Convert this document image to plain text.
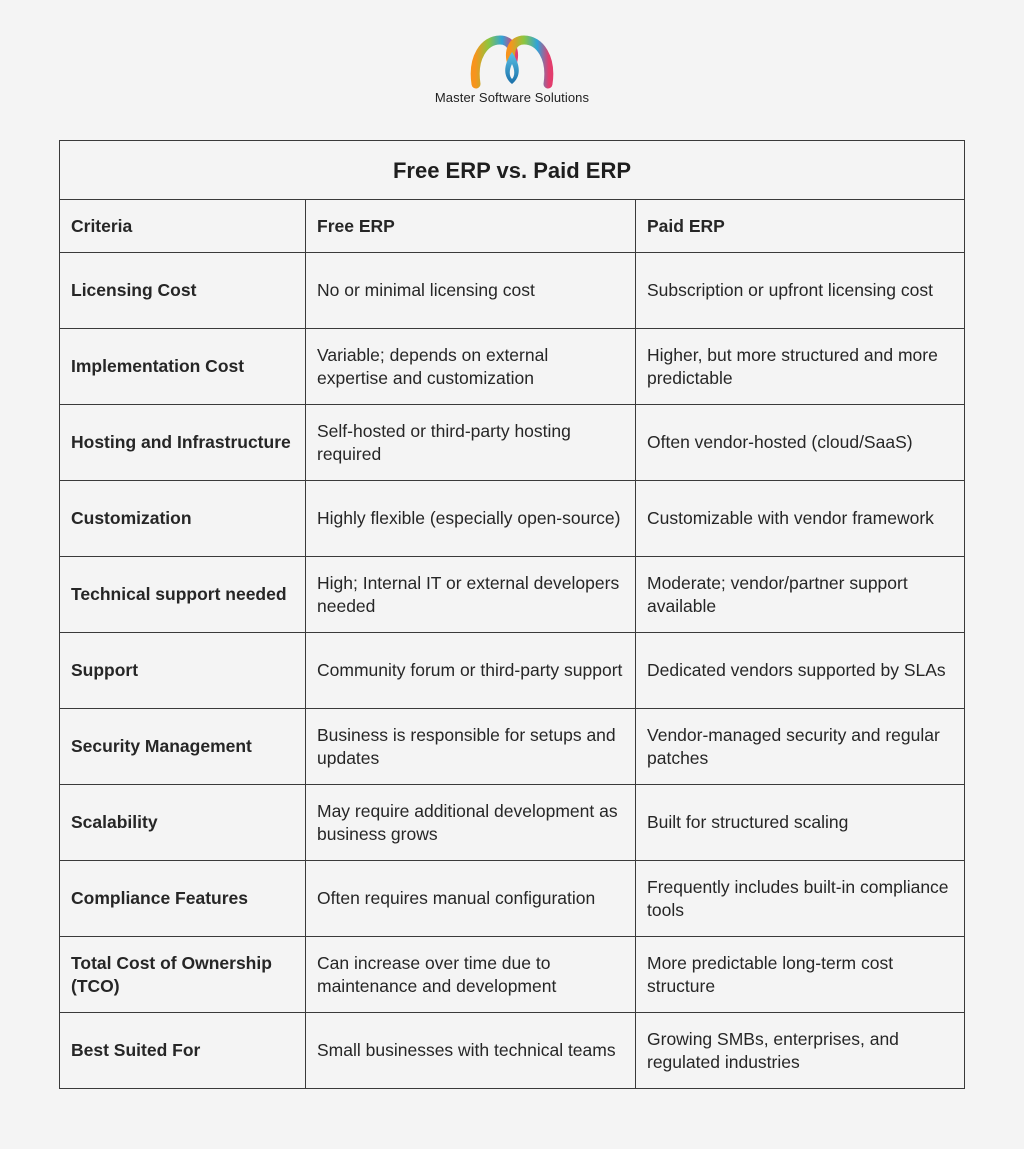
Master Software Solutions
Free ERP vs. Paid ERP		
Criteria	Free ERP	Paid ERP
Licensing Cost	No or minimal licensing cost	Subscription or upfront licensing cost
Implementation Cost	Variable; depends on external expertise and customization	Higher, but more structured and more predictable
Hosting and Infrastructure	Self-hosted or third-party hosting required	Often vendor-hosted (cloud/SaaS)
Customization	Highly flexible (especially open-source)	Customizable with vendor framework
Technical support needed	High; Internal IT or external developers needed	Moderate; vendor/partner support available
Support	Community forum or third-party support	Dedicated vendors supported by SLAs
Security Management	Business is responsible for setups and updates	Vendor-managed security and regular patches
Scalability	May require additional development as business grows	Built for structured scaling
Compliance Features	Often requires manual configuration	Frequently includes built-in compliance tools
Total Cost of Ownership (TCO)	Can increase over time due to maintenance and development	More predictable long-term cost structure
Best Suited For	Small businesses with technical teams	Growing SMBs, enterprises, and regulated industries
